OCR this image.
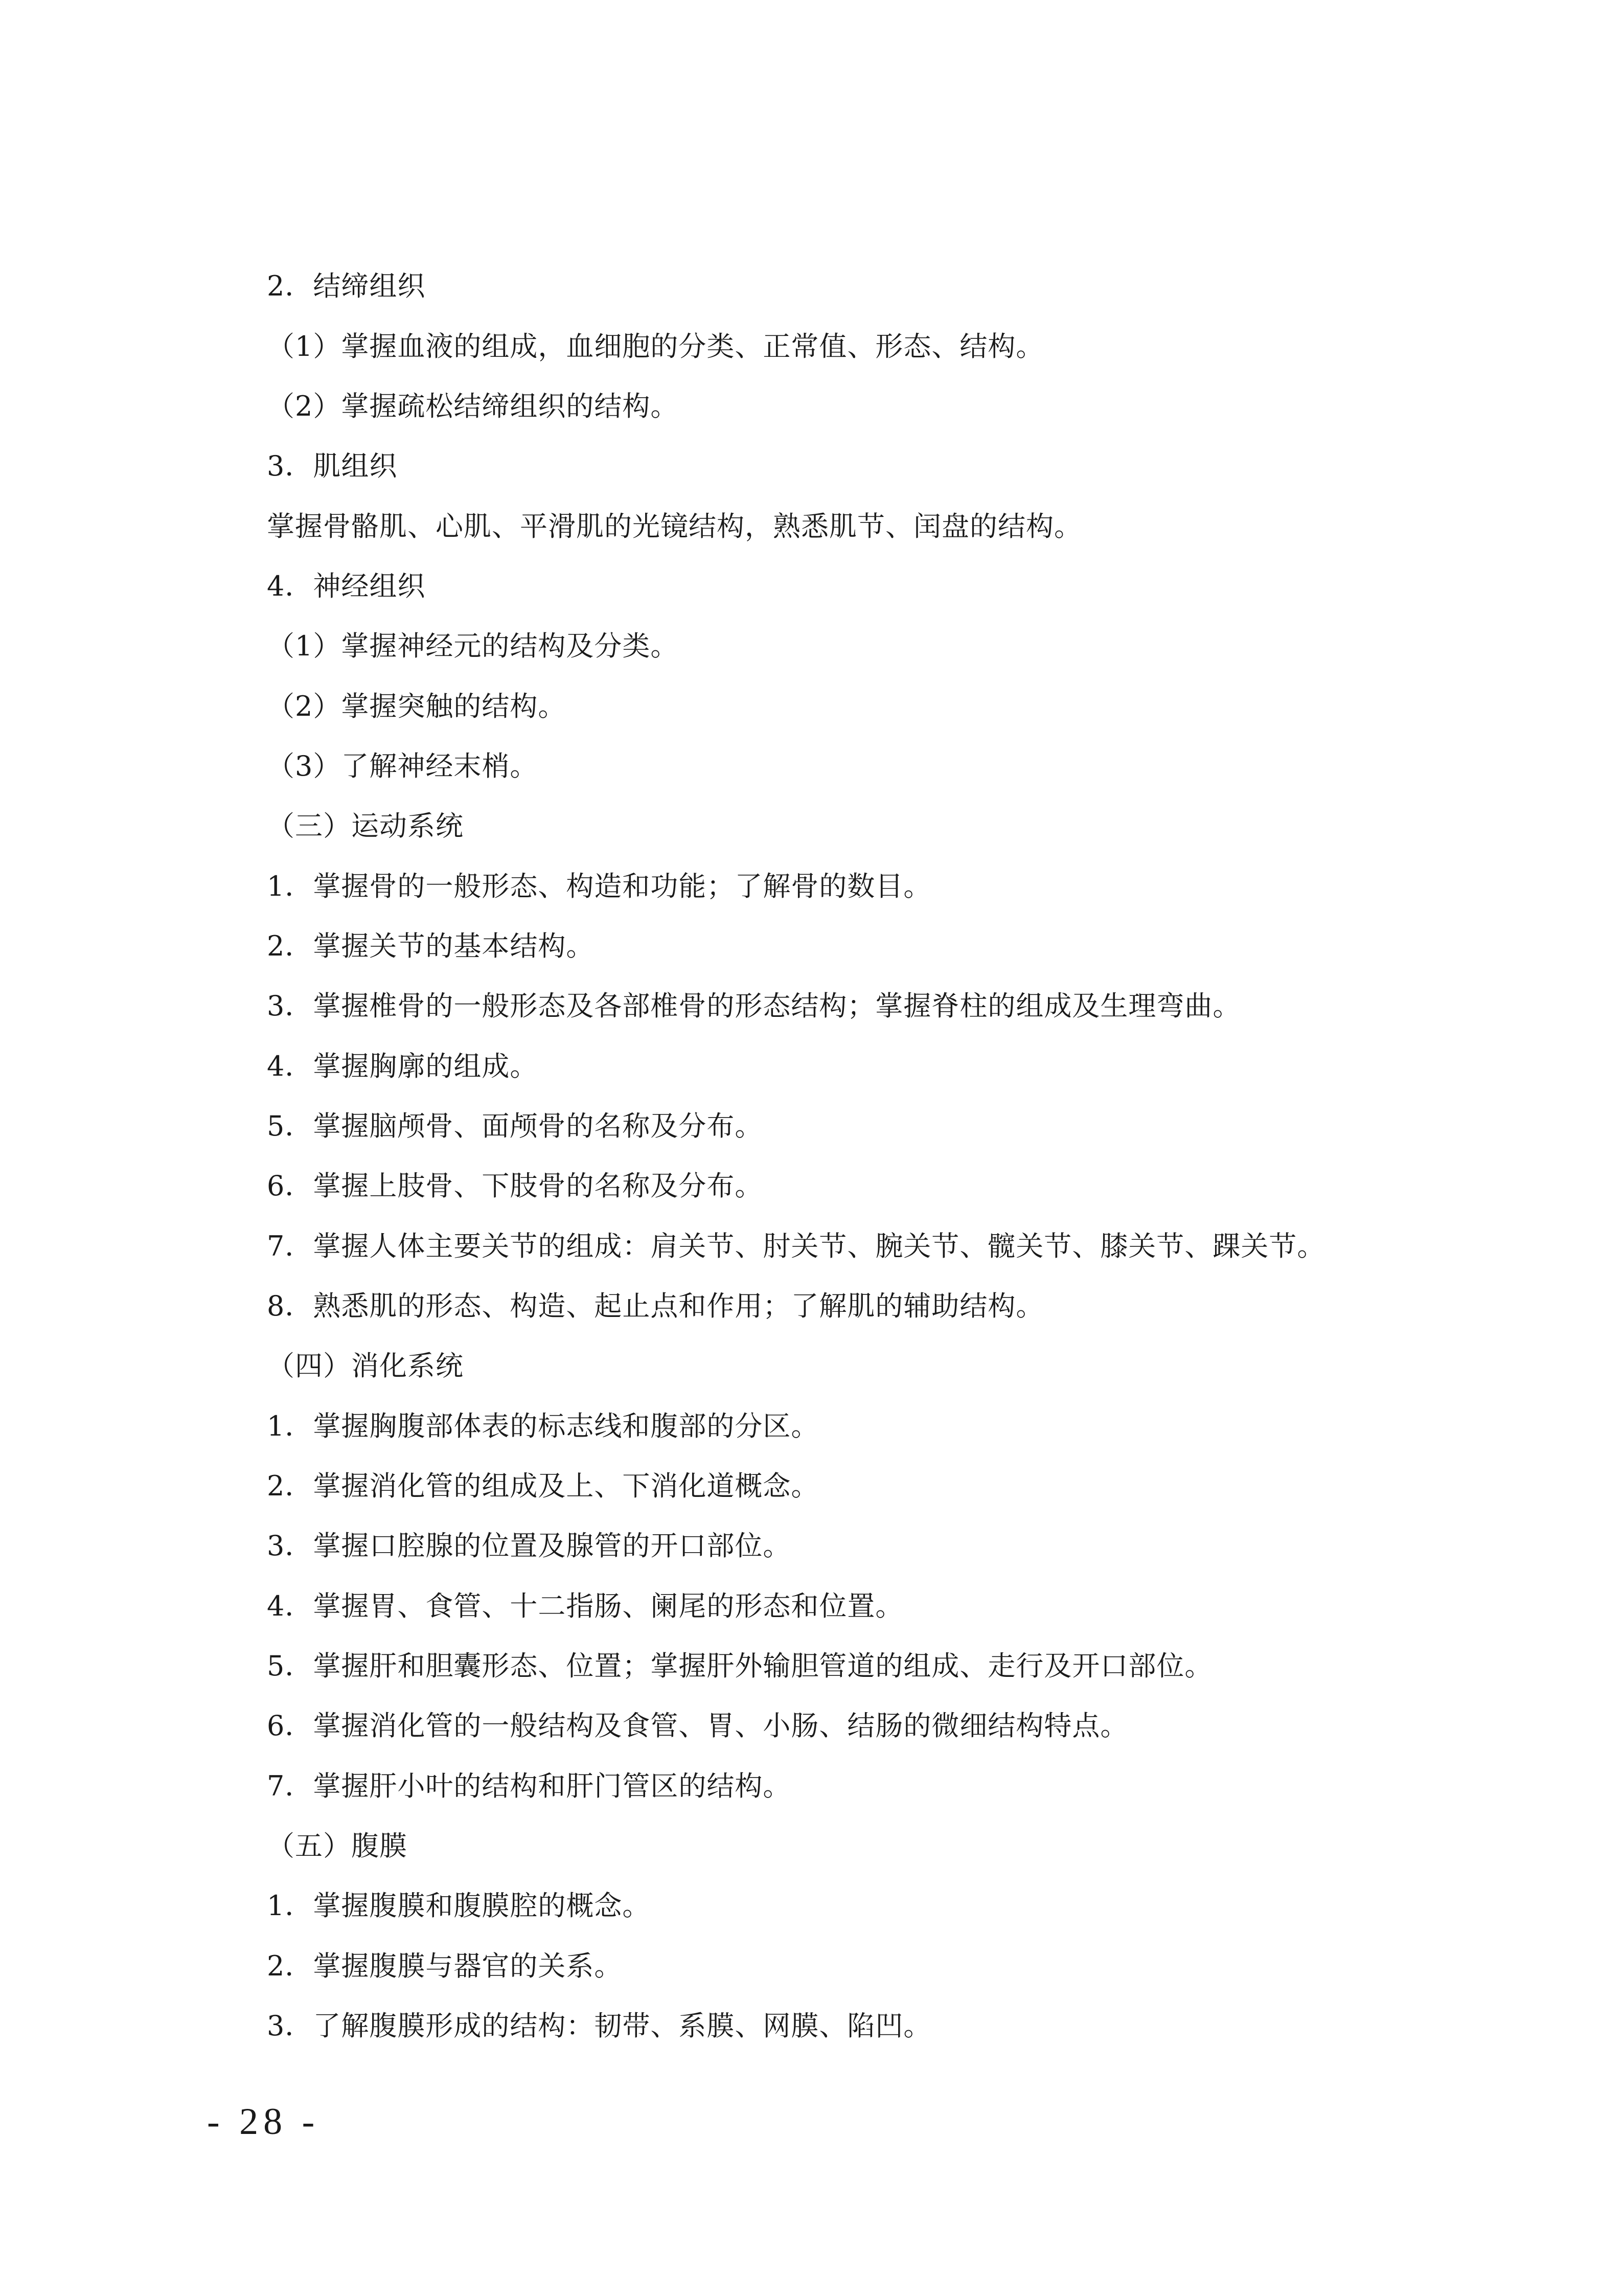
2．结缔组织
（1）掌握血液的组成，血细胞的分类、正常值、形态、结构。
（2）掌握疏松结缔组织的结构。
3．肌组织
掌握骨骼肌、心肌、平滑肌的光镜结构，熟悉肌节、闰盘的结构。
4．神经组织
（1）掌握神经元的结构及分类。
（2）掌握突触的结构。
（3）了解神经末梢。
（三）运动系统
1．掌握骨的一般形态、构造和功能；了解骨的数目。
2．掌握关节的基本结构。
3．掌握椎骨的一般形态及各部椎骨的形态结构；掌握脊柱的组成及生理弯曲。
4．掌握胸廓的组成。
5．掌握脑颅骨、面颅骨的名称及分布。
6．掌握上肢骨、下肢骨的名称及分布。
7．掌握人体主要关节的组成：肩关节、肘关节、腕关节、髋关节、膝关节、踝关节。
8．熟悉肌的形态、构造、起止点和作用；了解肌的辅助结构。
（四）消化系统
1．掌握胸腹部体表的标志线和腹部的分区。
2．掌握消化管的组成及上、下消化道概念。
3．掌握口腔腺的位置及腺管的开口部位。
4．掌握胃、食管、十二指肠、阑尾的形态和位置。
5．掌握肝和胆囊形态、位置；掌握肝外输胆管道的组成、走行及开口部位。
6．掌握消化管的一般结构及食管、胃、小肠、结肠的微细结构特点。
7．掌握肝小叶的结构和肝门管区的结构。
（五）腹膜
1．掌握腹膜和腹膜腔的概念。
2．掌握腹膜与器官的关系。
3．了解腹膜形成的结构：韧带、系膜、网膜、陷凹。
- 28 -
